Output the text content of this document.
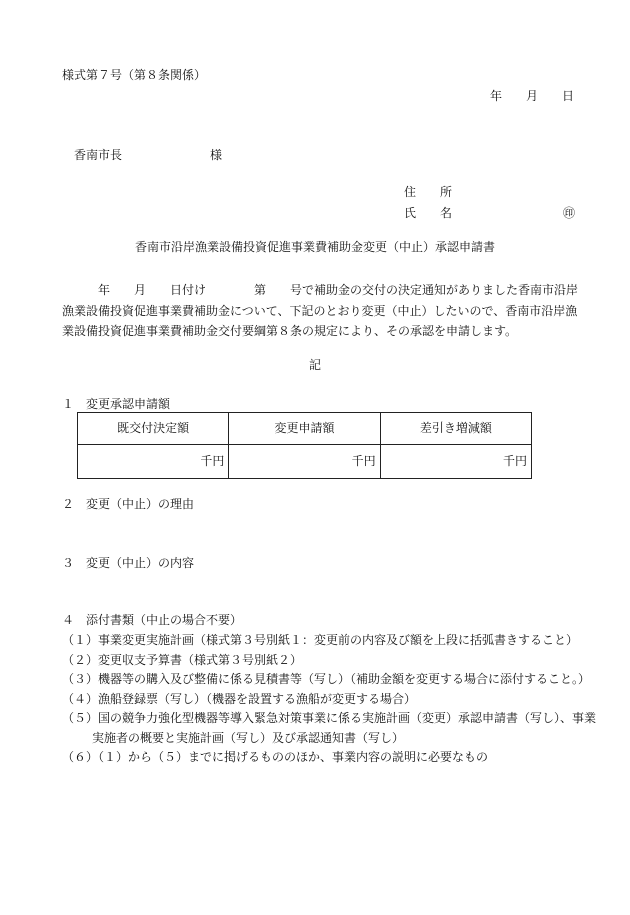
様式第７号（第８条関係）
年　　月　　日
香南市長	様
住　　所
氏　　名	㊞
香南市沿岸漁業設備投資促進事業費補助金変更（中止）承認申請書
年　　月　　日付け　　　　第　　号で補助金の交付の決定通知がありました香南市沿岸漁業設備投資促進事業費補助金について、下記のとおり変更（中止）したいので、香南市沿岸漁業設備投資促進事業費補助金交付要綱第８条の規定により、その承認を申請します。
記
１　変更承認申請額
既交付決定額	変更申請額	差引き増減額
千円	千円	千円
２　変更（中止）の理由
３　変更（中止）の内容
４　添付書類（中止の場合不要）
（１）事業変更実施計画（様式第３号別紙１：変更前の内容及び額を上段に括弧書きすること）
（２）変更収支予算書（様式第３号別紙２）
（３）機器等の購入及び整備に係る見積書等（写し）（補助金額を変更する場合に添付すること。）
（４）漁船登録票（写し）（機器を設置する漁船が変更する場合）
（５）国の競争力強化型機器等導入緊急対策事業に係る実施計画（変更）承認申請書（写し）、事業
実施者の概要と実施計画（写し）及び承認通知書（写し）
（６）（１）から（５）までに掲げるもののほか、事業内容の説明に必要なもの
